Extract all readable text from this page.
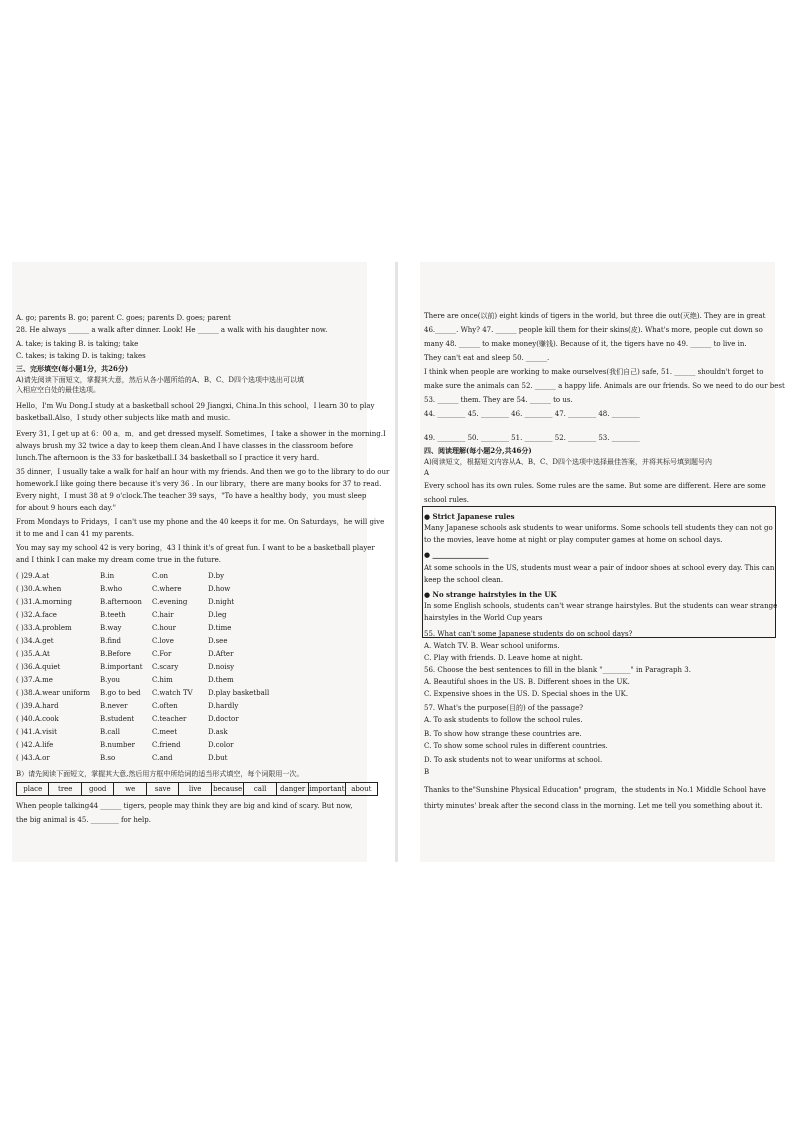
A. go; parents B. go; parent C. goes; parents D. goes; parent
28. He always ______ a walk after dinner. Look! He ______ a walk with his daughter now.
A. take; is taking B. is taking; take
C. takes; is taking D. is taking; takes
三、完形填空(每小题1分，共26分)
A)请先阅读下面短文，掌握其大意，然后从各小题所给的A、B、C、D四个选项中选出可以填
入相应空白处的最佳选项。
Hello，I'm Wu Dong.I study at a basketball school 29 Jiangxi, China.In this school，I learn 30 to play
basketball.Also，I study other subjects like math and music.
Every 31, I get up at 6：00 a．m．and get dressed myself. Sometimes，I take a shower in the morning.I
always brush my 32 twice a day to keep them clean.And I have classes in the classroom before
lunch.The afternoon is the 33 for basketball.I 34 basketball so I practice it very hard.
35 dinner，I usually take a walk for half an hour with my friends. And then we go to the library to do our
homework.I like going there because it's very 36 . In our library，there are many books for 37 to read.
Every night，I must 38 at 9 o'clock.The teacher 39 says，"To have a healthy body，you must sleep
for about 9 hours each day."
From Mondays to Fridays，I can't use my phone and the 40 keeps it for me. On Saturdays，he will give
it to me and I can 41 my parents.
You may say my school 42 is very boring，43 I think it's of great fun. I want to be a basketball player
and I think I can make my dream come true in the future.
( )29.A.at	B.in	C.on	D.by
( )30.A.when	B.who	C.where	D.how
( )31.A.morning	B.afternoon C.evening	D.night
( )32.A.face	B.teeth	C.hair	D.leg
( )33.A.problem	B.way	C.hour	D.time
( )34.A.get	B.find	C.love	D.see
( )35.A.At	B.Before	C.For	D.After
( )36.A.quiet	B.important C.scary	D.noisy
( )37.A.me	B.you	C.him	D.them
( )38.A.wear uniform B.go to bed C.watch TV D.play basketball
( )39.A.hard	B.never	C.often	D.hardly
( )40.A.cook	B.student	C.teacher	D.doctor
( )41.A.visit	B.call	C.meet	D.ask
( )42.A.life	B.number C.friend	D.color
( )43.A.or	B.so	C.and	D.but
B）请先阅读下面短文，掌握其大意,然后用方框中所给词的适当形式填空，每个词限用一次。
place	tree	good	we	save	live	because	call	danger important about
When people talking44 ______ tigers, people may think they are big and kind of scary. But now,
the big animal is 45. ________ for help.
There are once(以前) eight kinds of tigers in the world, but three die out(灭绝). They are in great
46.______. Why? 47. ______ people kill them for their skins(皮). What's more, people cut down so
many 48. ______ to make money(赚钱). Because of it, the tigers have no 49. ______ to live in.
They can't eat and sleep 50. ______.
I think when people are working to make ourselves(我们自己) safe, 51. ______ shouldn't forget to
make sure the animals can 52. ______ a happy life. Animals are our friends. So we need to do our best
53. ______ them. They are 54. ______ to us.
44. ________ 45. ________ 46. ________ 47. ________ 48. ________
49. ________ 50. ________ 51. ________ 52. ________ 53. ________
四、阅读理解(每小题2分,共46分)
A)阅读短文，根据短文内容从A、B、C、D四个选项中选择最佳答案，并将其标号填到题号内
A
Every school has its own rules. Some rules are the same. But some are different. Here are some
school rules.
● Strict Japanese rules
Many Japanese schools ask students to wear uniforms. Some schools tell students they can not go
to the movies, leave home at night or play computer games at home on school days.
● ________________
At some schools in the US, students must wear a pair of indoor shoes at school every day. This can
keep the school clean.
● No strange hairstyles in the UK
In some English schools, students can't wear strange hairstyles. But the students can wear strange
hairstyles in the World Cup years
55. What can't some Japanese students do on school days?
A. Watch TV. B. Wear school uniforms.
C. Play with friends. D. Leave home at night.
56. Choose the best sentences to fill in the blank "________" in Paragraph 3.
A. Beautiful shoes in the US. B. Different shoes in the UK.
C. Expensive shoes in the US. D. Special shoes in the UK.
57. What's the purpose(目的) of the passage?
A. To ask students to follow the school rules.
B. To show how strange these countries are.
C. To show some school rules in different countries.
D. To ask students not to wear uniforms at school.
B
Thanks to the"Sunshine Physical Education" program，the students in No.1 Middle School have
thirty minutes' break after the second class in the morning. Let me tell you something about it.
